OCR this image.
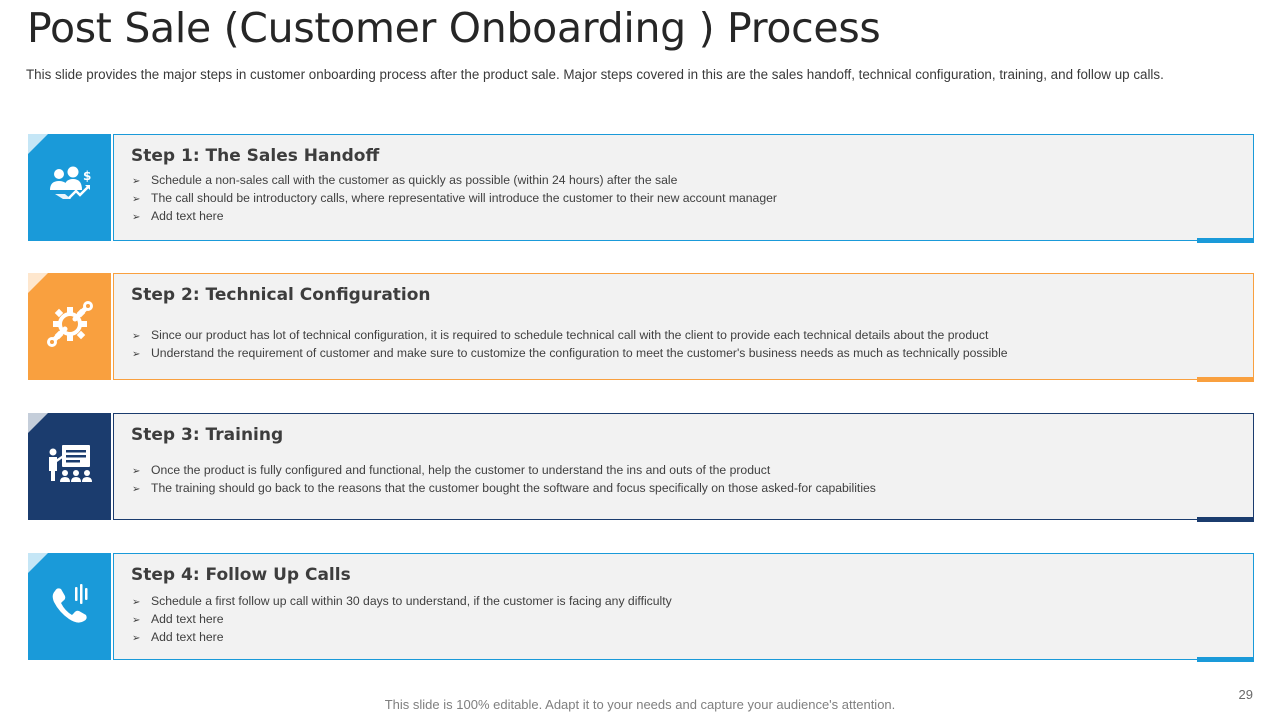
Post Sale (Customer Onboarding ) Process
This slide provides the major steps in customer onboarding process after the product sale. Major steps covered in this are the sales handoff, technical configuration, training, and follow up calls.
$
Step 1: The Sales Handoff
➢ Schedule a non-sales call with the customer as quickly as possible (within 24 hours) after the sale
➢ The call should be introductory calls, where representative will introduce the customer to their new account manager
➢ Add text here
Step 2: Technical Configuration
➢ Since our product has lot of technical configuration, it is required to schedule technical call with the client to provide each technical details about the product
➢ Understand the requirement of customer and make sure to customize the configuration to meet the customer's business needs as much as technically possible
Step 3: Training
➢ Once the product is fully configured and functional, help the customer to understand the ins and outs of the product
➢ The training should go back to the reasons that the customer bought the software and focus specifically on those asked-for capabilities
Step 4: Follow Up Calls
➢ Schedule a first follow up call within 30 days to understand, if the customer is facing any difficulty
➢ Add text here
➢ Add text here
29
This slide is 100% editable. Adapt it to your needs and capture your audience's attention.
